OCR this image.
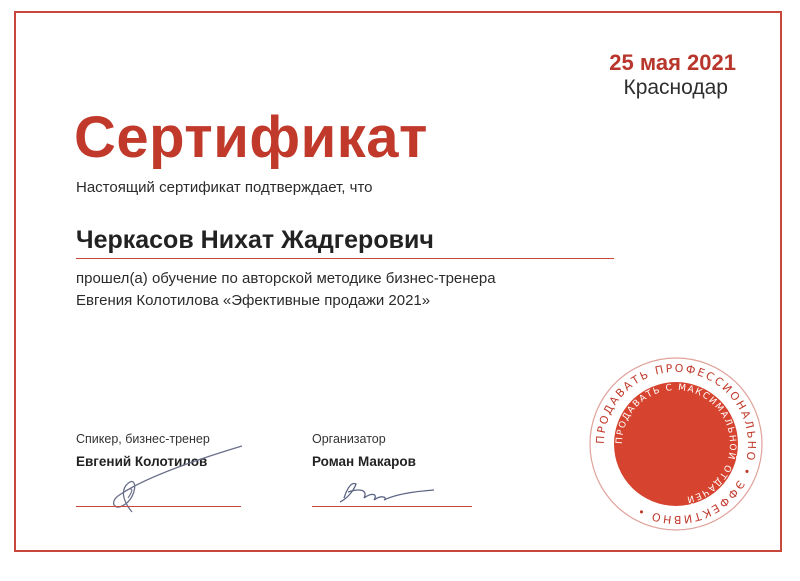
25 мая 2021
Краснодар
Сертификат
Настоящий сертификат подтверждает, что
Черкасов Нихат Жадгерович
прошел(а) обучение по авторской методике бизнес-тренера
Евгения Колотилова «Эфективные продажи 2021»
Спикер, бизнес-тренер
Евгений Колотилов
Организатор
Роман Макаров
ПРОДАВАТЬ ПРОФЕССИОНАЛЬНО • ЭФФЕКТИВНО •
ПРОДАВАТЬ С МАКСИМАЛЬНОЙ ОТДАЧЕЙ
